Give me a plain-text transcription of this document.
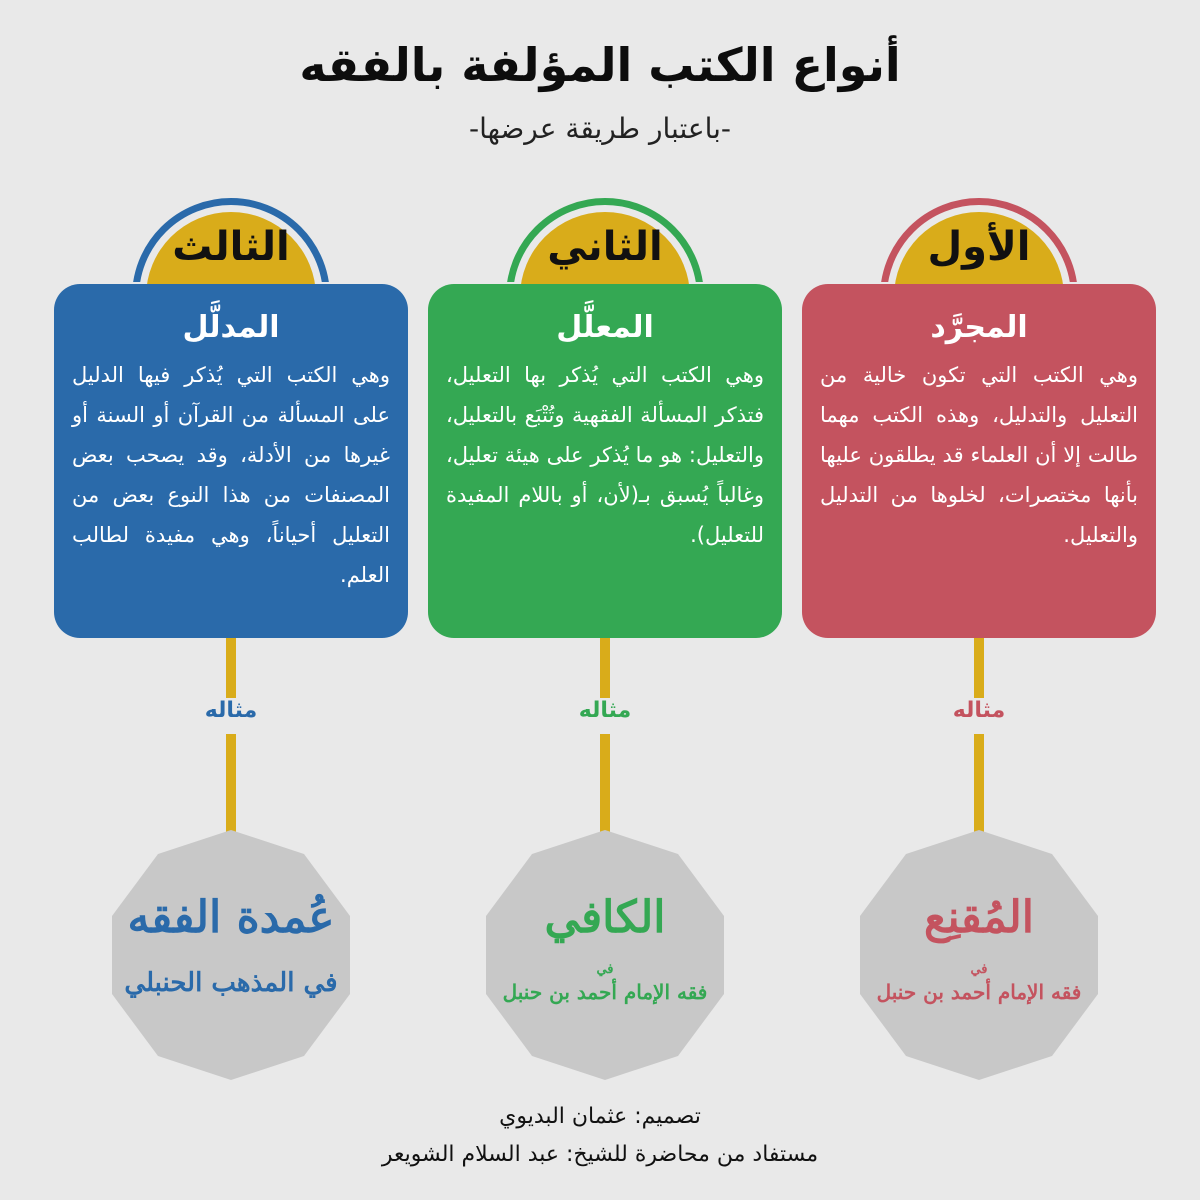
أنواع الكتب المؤلفة بالفقه
-باعتبار طريقة عرضها-
الأول
المجرَّد
وهي الكتب التي تكون خالية من التعليل والتدليل، وهذه الكتب مهما طالت إلا أن العلماء قد يطلقون عليها بأنها مختصرات، لخلوها من التدليل والتعليل.
مثاله
المُقنِع
في
فقه الإمام أحمد بن حنبل
الثاني
المعلَّل
وهي الكتب التي يُذكر بها التعليل، فتذكر المسألة الفقهية وتُتْبَع بالتعليل، والتعليل: هو ما يُذكر على هيئة تعليل، وغالباً يُسبق بـ(لأن، أو باللام المفيدة للتعليل).
مثاله
الكافي
في
فقه الإمام أحمد بن حنبل
الثالث
المدلَّل
وهي الكتب التي يُذكر فيها الدليل على المسألة من القرآن أو السنة أو غيرها من الأدلة، وقد يصحب بعض المصنفات من هذا النوع بعض من التعليل أحياناً، وهي مفيدة لطالب العلم.
مثاله
عُمدة الفقه
في المذهب الحنبلي
تصميم: عثمان البديوي
مستفاد من محاضرة للشيخ: عبد السلام الشويعر
